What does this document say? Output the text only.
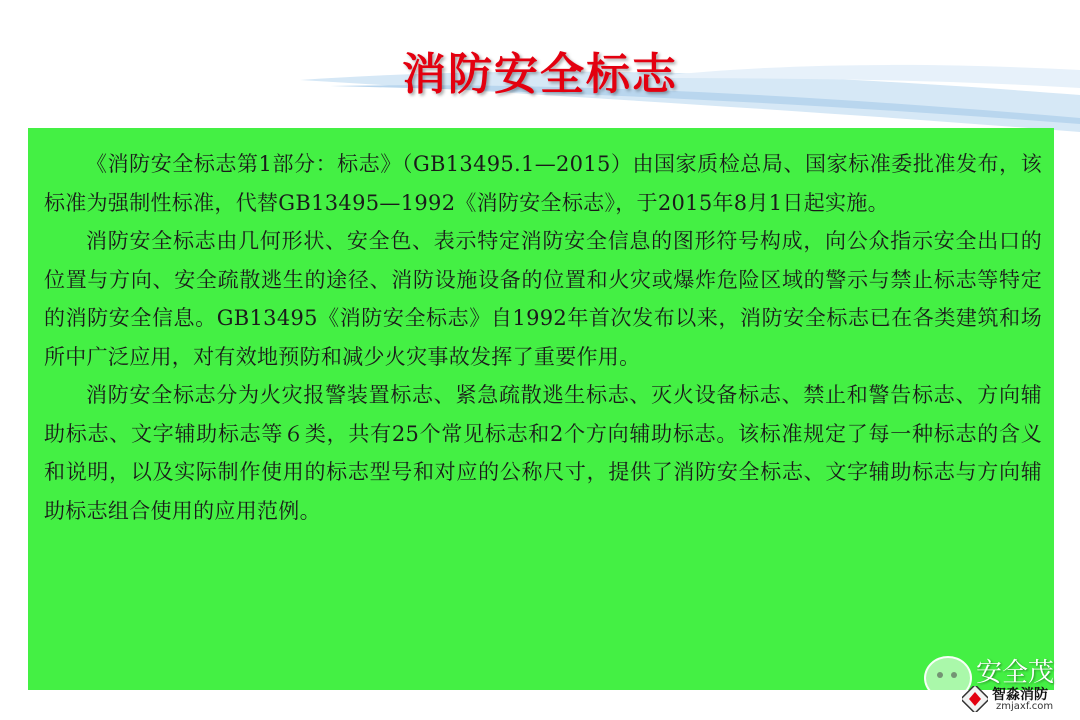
消防安全标志

《消防安全标志第1部分：标志》（GB13495.1—2015）由国家质检总局、国家标准委批准发布，该标准为强制性标准，代替GB13495—1992《消防安全标志》，于2015年8月1日起实施。

消防安全标志由几何形状、安全色、表示特定消防安全信息的图形符号构成，向公众指示安全出口的位置与方向、安全疏散逃生的途径、消防设施设备的位置和火灾或爆炸危险区域的警示与禁止标志等特定的消防安全信息。GB13495《消防安全标志》自1992年首次发布以来，消防安全标志已在各类建筑和场所中广泛应用，对有效地预防和减少火灾事故发挥了重要作用。

消防安全标志分为火灾报警装置标志、紧急疏散逃生标志、灭火设备标志、禁止和警告标志、方向辅助标志、文字辅助标志等６类，共有25个常见标志和2个方向辅助标志。该标准规定了每一种标志的含义和说明，以及实际制作使用的标志型号和对应的公称尺寸，提供了消防安全标志、文字辅助标志与方向辅助标志组合使用的应用范例。

安全茂
智淼消防
zmjaxf.com
